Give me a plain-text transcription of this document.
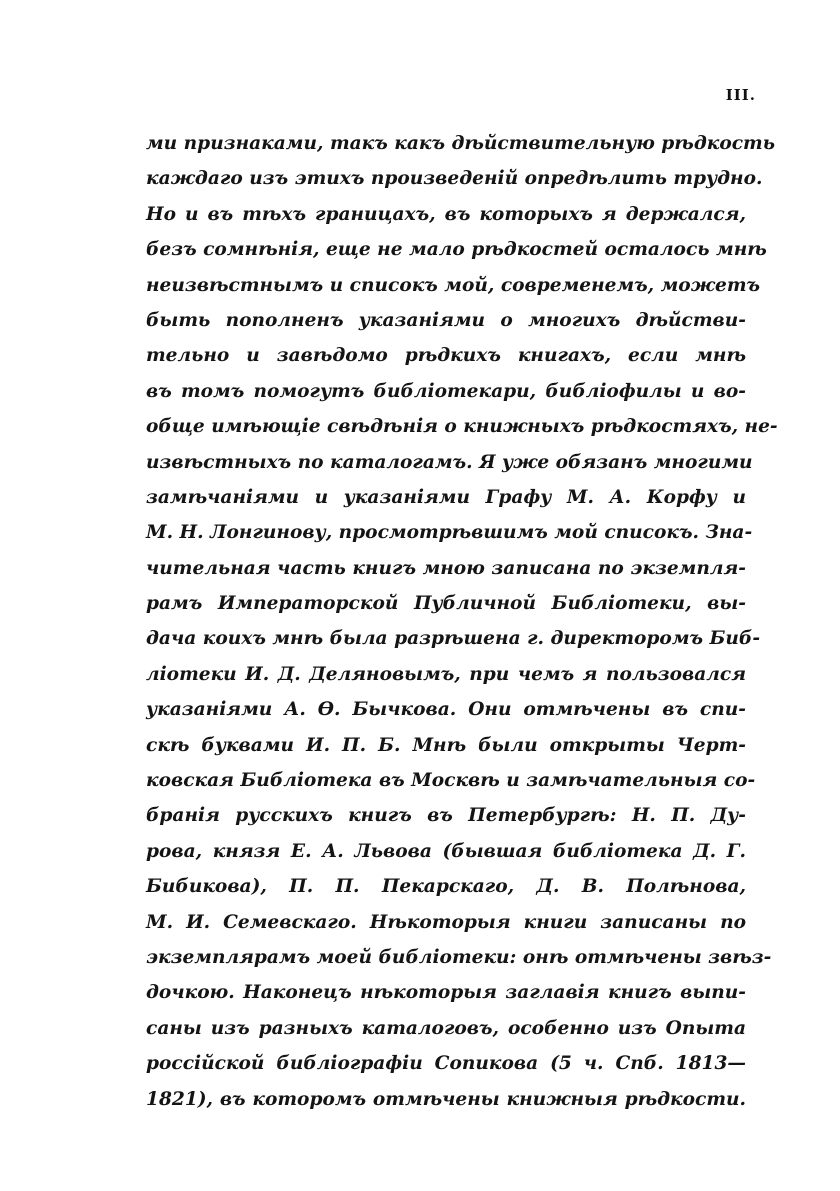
III.
ми признаками, такъ какъ дѣйствительную рѣдкость
каждаго изъ этихъ произведеній опредѣлить трудно.
Но и въ тѣхъ границахъ, въ которыхъ я держался,
безъ сомнѣнія, еще не мало рѣдкостей осталось мнѣ
неизвѣстнымъ и списокъ мой, современемъ, можетъ
быть пополненъ указаніями о многихъ дѣйстви-
тельно и завѣдомо рѣдкихъ книгахъ, если мнѣ
въ томъ помогутъ библіотекари, библіофилы и во-
обще имѣющіе свѣдѣнія о книжныхъ рѣдкостяхъ, не-
извѣстныхъ по каталогамъ. Я уже обязанъ многими
замѣчаніями и указаніями Графу М. А. Корфу и
М. Н. Лонгинову, просмотрѣвшимъ мой списокъ. Зна-
чительная часть книгъ мною записана по экземпля-
рамъ Императорской Публичной Библіотеки, вы-
дача коихъ мнѣ была разрѣшена г. директоромъ Биб-
ліотеки И. Д. Деляновымъ, при чемъ я пользовался
указаніями А. Ѳ. Бычкова. Они отмѣчены въ спи-
скѣ буквами И. П. Б. Мнѣ были открыты Черт-
ковская Библіотека въ Москвѣ и замѣчательныя со-
бранія русскихъ книгъ въ Петербургѣ: Н. П. Ду-
рова, князя Е. А. Львова (бывшая библіотека Д. Г.
Бибикова), П. П. Пекарскаго, Д. В. Полѣнова,
М. И. Семевскаго. Нѣкоторыя книги записаны по
экземплярамъ моей библіотеки: онѣ отмѣчены звѣз-
дочкою. Наконецъ нѣкоторыя заглавія книгъ выпи-
саны изъ разныхъ каталоговъ, особенно изъ Опыта
россійской библіографіи Сопикова (5 ч. Спб. 1813—
1821), въ которомъ отмѣчены книжныя рѣдкости.
